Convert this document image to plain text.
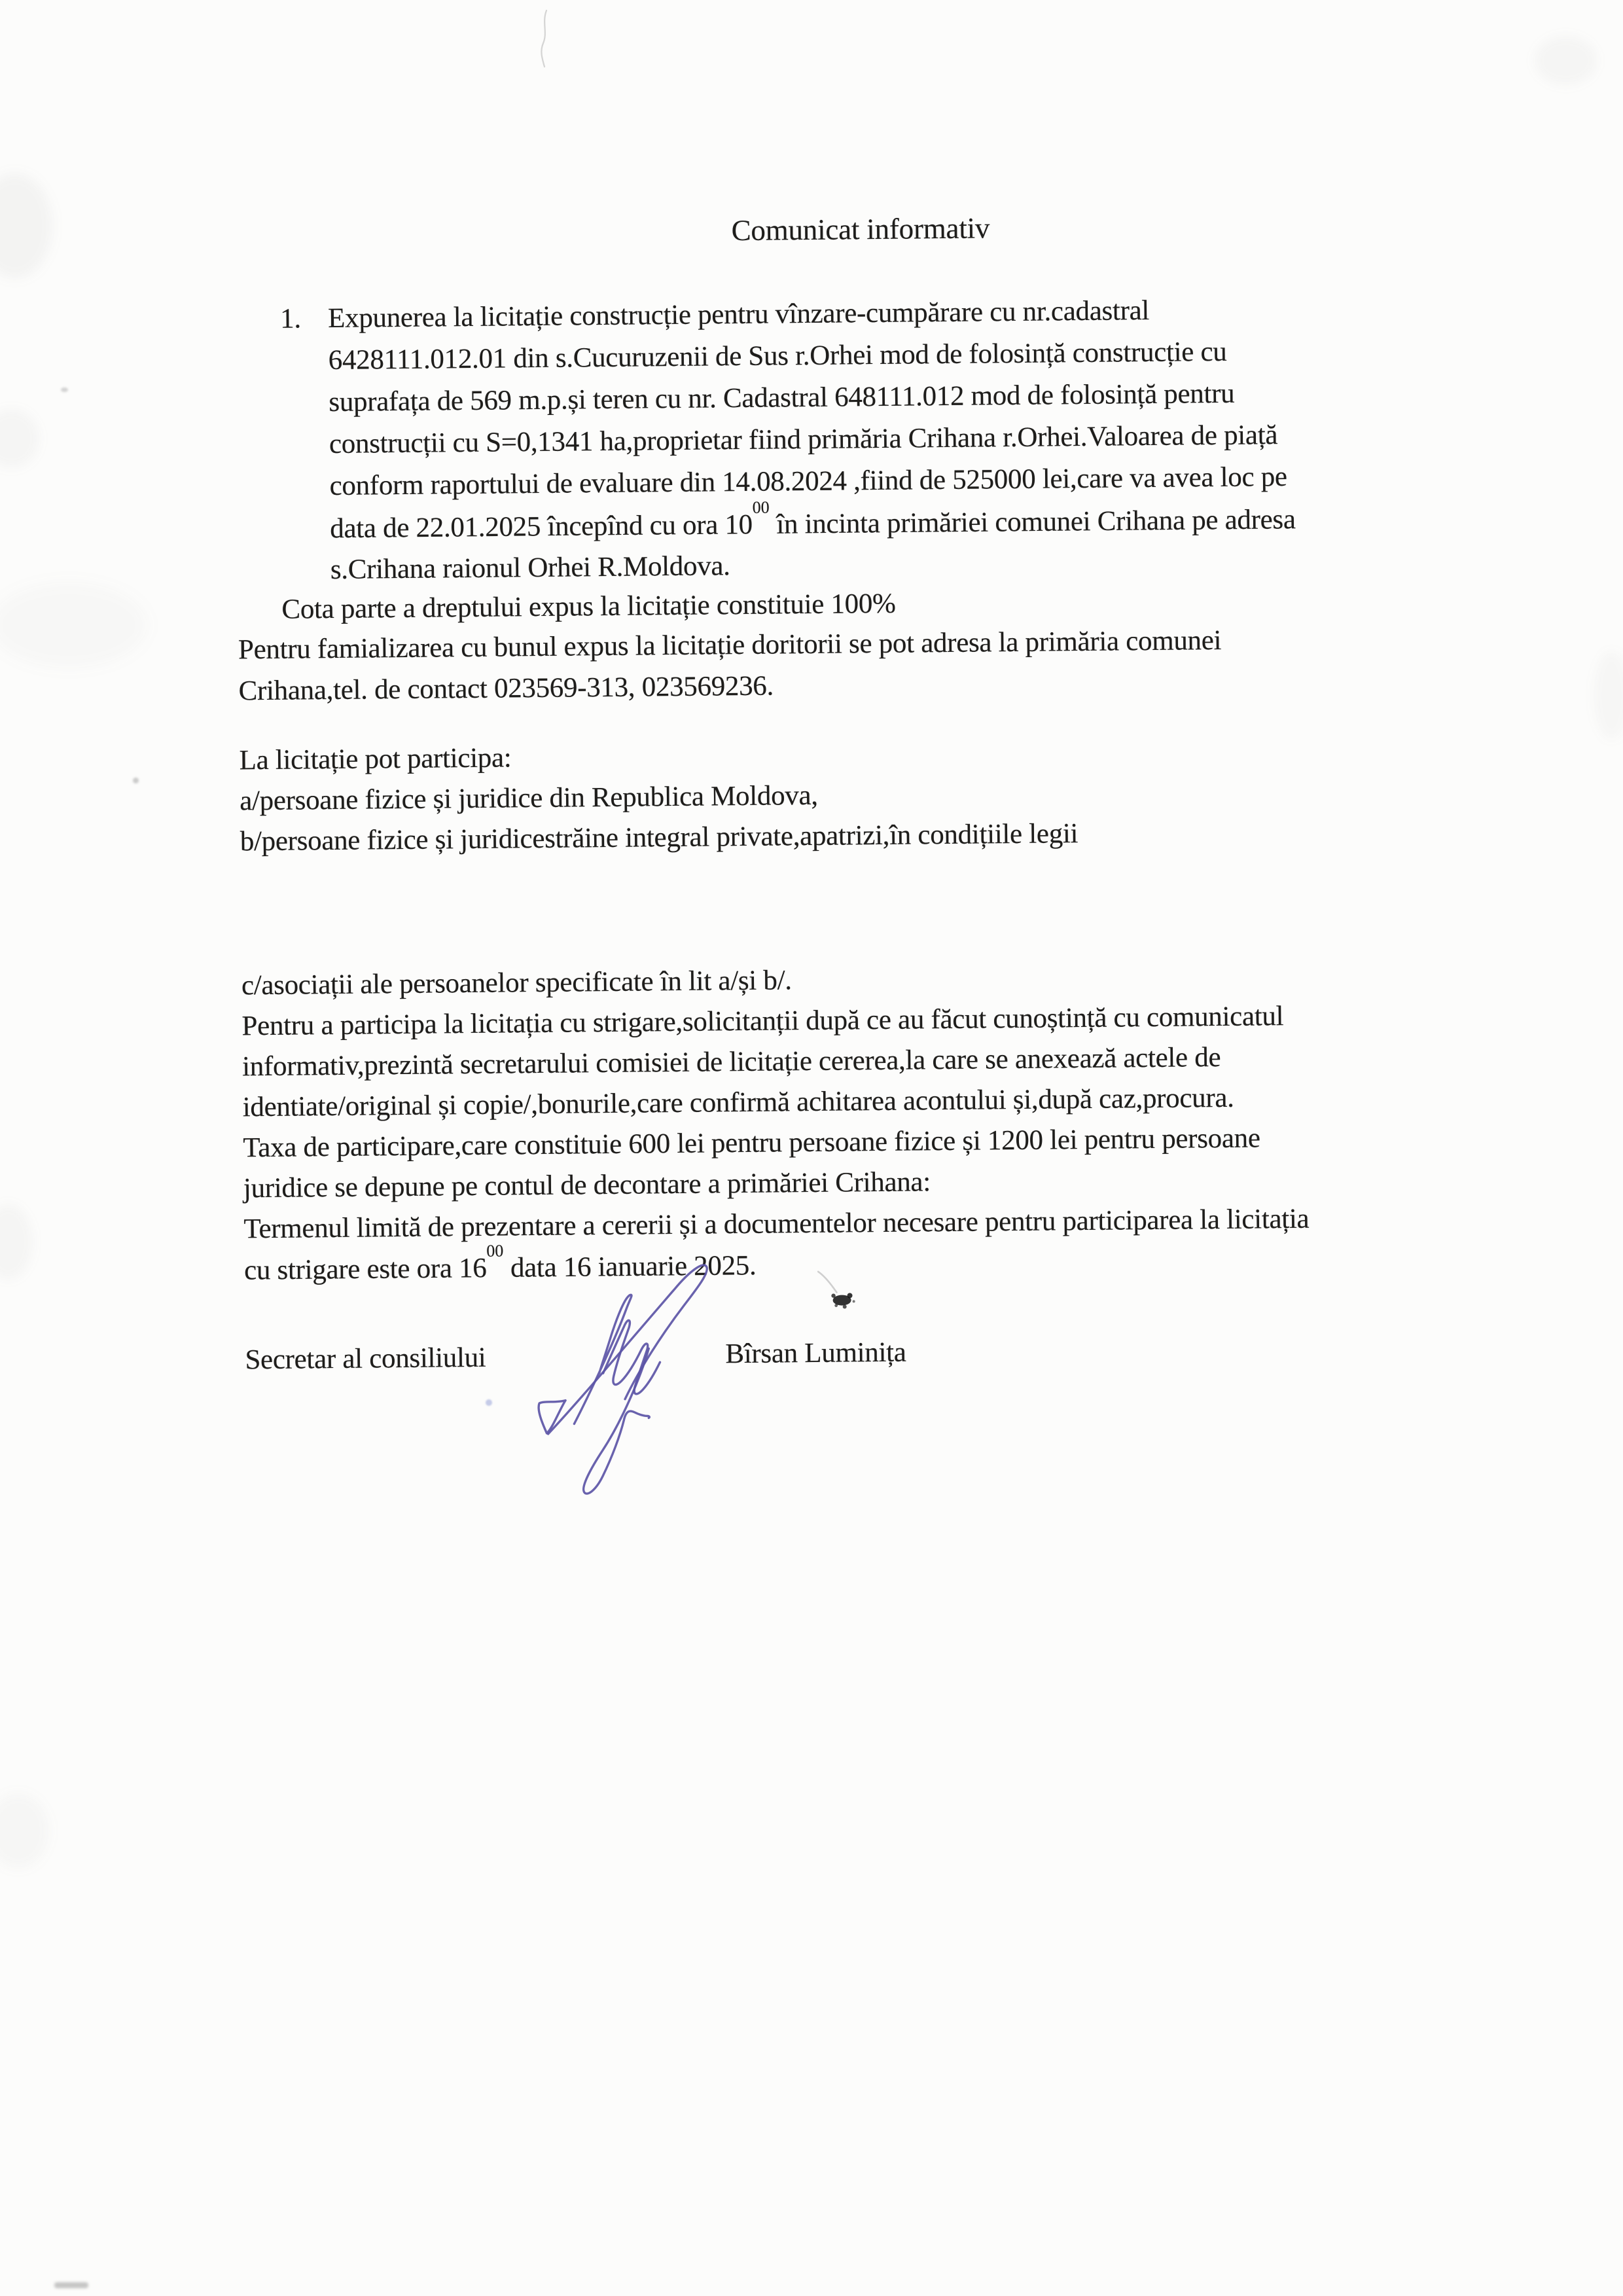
Comunicat informativ
1. Expunerea la licitație construcție pentru vînzare-cumpărare cu nr.cadastral
6428111.012.01 din s.Cucuruzenii de Sus r.Orhei mod de folosință construcție cu
suprafața de 569 m.p.și teren cu nr. Cadastral 648111.012 mod de folosință pentru
construcții cu S=0,1341 ha,proprietar fiind primăria Crihana r.Orhei.Valoarea de piață
conform raportului de evaluare din 14.08.2024 ,fiind de 525000 lei,care va avea loc pe
data de 22.01.2025 începînd cu ora $10^{00}$ în incinta primăriei comunei Crihana pe adresa
s.Crihana raionul Orhei R.Moldova.
Cota parte a dreptului expus la licitație constituie 100%
Pentru famializarea cu bunul expus la licitație doritorii se pot adresa la primăria comunei
Crihana,tel. de contact 023569-313, 023569236.
La licitație pot participa:
a/persoane fizice și juridice din Republica Moldova,
b/persoane fizice și juridicestrăine integral private,apatrizi,în condițiile legii
c/asociații ale persoanelor specificate în lit a/și b/.
Pentru a participa la licitația cu strigare,solicitanții după ce au făcut cunoștință cu comunicatul
informativ,prezintă secretarului comisiei de licitație cererea,la care se anexează actele de
identiate/original și copie/,bonurile,care confirmă achitarea acontului și,după caz,procura.
Taxa de participare,care constituie 600 lei pentru persoane fizice și 1200 lei pentru persoane
juridice se depune pe contul de decontare a primăriei Crihana:
Termenul limită de prezentare a cererii și a documentelor necesare pentru participarea la licitația
cu strigare este ora $16^{00}$ data 16 ianuarie 2025.
Secretar al consiliului	Bîrsan Luminița
